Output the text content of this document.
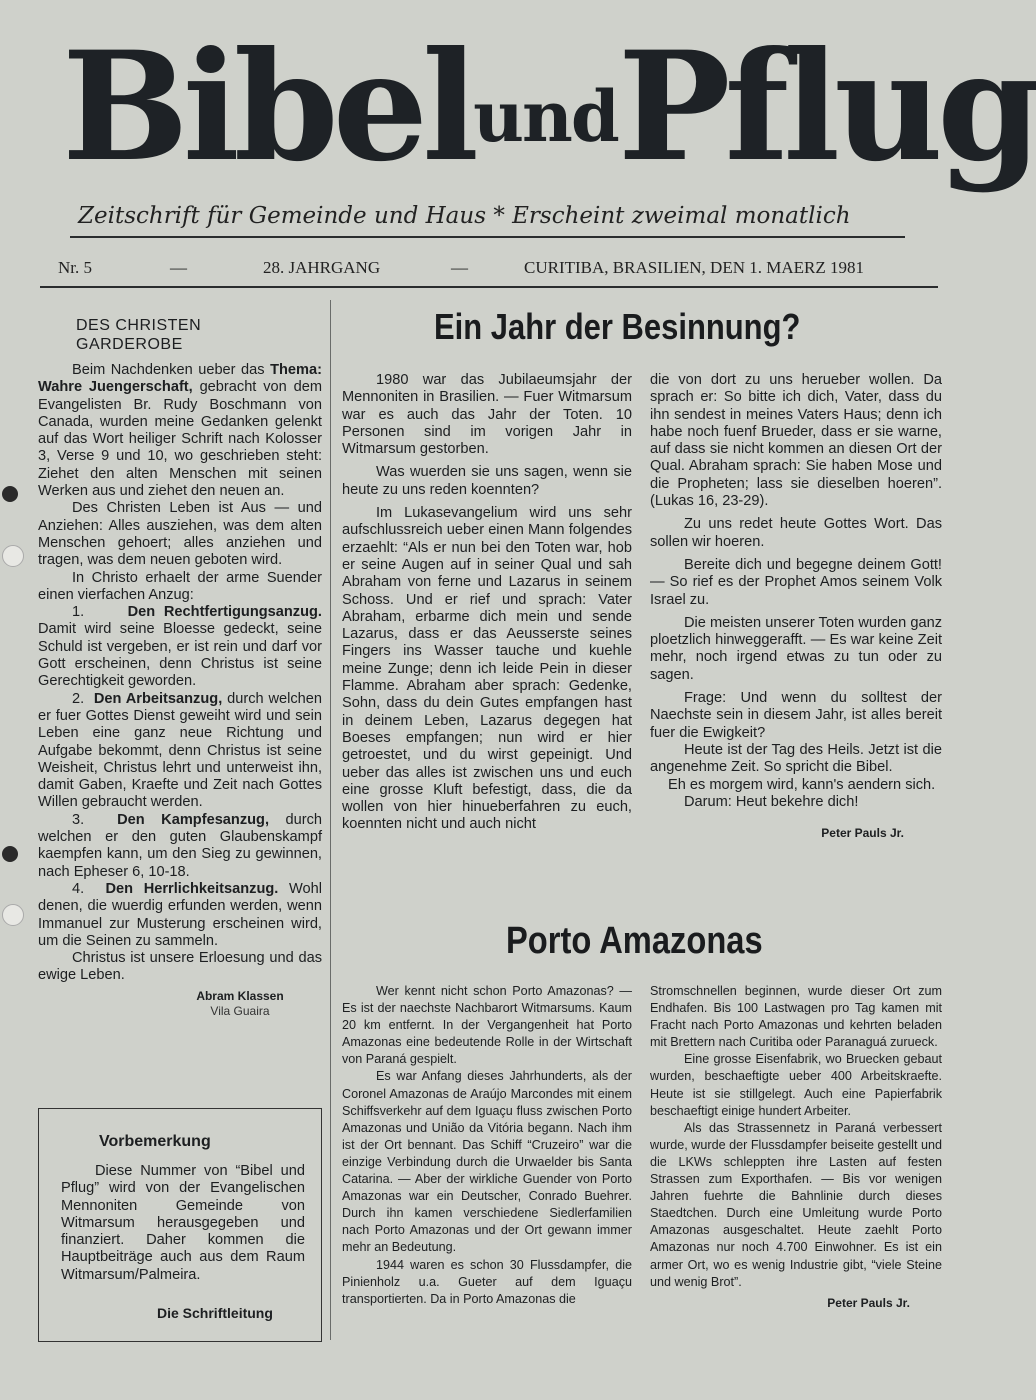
BibelundPflug
Zeitschrift für Gemeinde und Haus * Erscheint zweimal monatlich
Nr. 5	—	28. JAHRGANG	—	CURITIBA, BRASILIEN, DEN 1. MAERZ 1981
DES CHRISTEN
GARDEROBE

Beim Nachdenken ueber das Thema: Wahre Juengerschaft, gebracht von dem Evangelisten Br. Rudy Boschmann von Canada, wurden meine Gedanken gelenkt auf das Wort heiliger Schrift nach Kolosser 3, Verse 9 und 10, wo geschrieben steht: Ziehet den alten Menschen mit seinen Werken aus und ziehet den neuen an.

Des Christen Leben ist Aus — und Anziehen: Alles ausziehen, was dem alten Menschen gehoert; alles anziehen und tragen, was dem neuen geboten wird.

In Christo erhaelt der arme Suender einen vierfachen Anzug:

1.	Den Rechtfertigungsanzug. Damit wird seine Bloesse gedeckt, seine Schuld ist vergeben, er ist rein und darf vor Gott erscheinen, denn Christus ist seine Gerechtigkeit geworden.

2. Den Arbeitsanzug, durch welchen er fuer Gottes Dienst geweiht wird und sein Leben eine ganz neue Richtung und Aufgabe bekommt, denn Christus ist seine Weisheit, Christus lehrt und unterweist ihn, damit Gaben, Kraefte und Zeit nach Gottes Willen gebraucht werden.

3. Den Kampfesanzug, durch welchen er den guten Glaubenskampf kaempfen kann, um den Sieg zu gewinnen, nach Epheser 6, 10-18.

4. Den Herrlichkeitsanzug. Wohl denen, die wuerdig erfunden werden, wenn Immanuel zur Musterung erscheinen wird, um die Seinen zu sammeln.

Christus ist unsere Erloesung und das ewige Leben.

Abram Klassen
Vila Guaira
Vorbemerkung
Diese Nummer von “Bibel und Pflug” wird von der Evangelischen Mennoniten Gemeinde von Witmarsum herausgegeben und finanziert. Daher kommen die Hauptbeiträge auch aus dem Raum Witmarsum/Palmeira.
Die Schriftleitung
Ein Jahr der Besinnung?

1980 war das Jubilaeumsjahr der Mennoniten in Brasilien. — Fuer Witmarsum war es auch das Jahr der Toten. 10 Personen sind im vorigen Jahr in Witmarsum gestorben.

Was wuerden sie uns sagen, wenn sie heute zu uns reden koennten?

Im Lukasevangelium wird uns sehr aufschlussreich ueber einen Mann folgendes erzaehlt: “Als er nun bei den Toten war, hob er seine Augen auf in seiner Qual und sah Abraham von ferne und Lazarus in seinem Schoss. Und er rief und sprach: Vater Abraham, erbarme dich mein und sende Lazarus, dass er das Aeusserste seines Fingers ins Wasser tauche und kuehle meine Zunge; denn ich leide Pein in dieser Flamme. Abraham aber sprach: Gedenke, Sohn, dass du dein Gutes empfangen hast in deinem Leben, Lazarus degegen hat Boeses empfangen; nun wird er hier getroestet, und du wirst gepeinigt. Und ueber das alles ist zwischen uns und euch eine grosse Kluft befestigt, dass, die da wollen von hier hinueberfahren zu euch, koennten nicht und auch nicht

die von dort zu uns herueber wollen. Da sprach er: So bitte ich dich, Vater, dass du ihn sendest in meines Vaters Haus; denn ich habe noch fuenf Brueder, dass er sie warne, auf dass sie nicht kommen an diesen Ort der Qual. Abraham sprach: Sie haben Mose und die Propheten; lass sie dieselben hoeren”. (Lukas 16, 23-29).

Zu uns redet heute Gottes Wort. Das sollen wir hoeren.

Bereite dich und begegne deinem Gott! — So rief es der Prophet Amos seinem Volk Israel zu.

Die meisten unserer Toten wurden ganz ploetzlich hinweggerafft. — Es war keine Zeit mehr, noch irgend etwas zu tun oder zu sagen.

Frage: Und wenn du solltest der Naechste sein in diesem Jahr, ist alles bereit fuer die Ewigkeit?

Heute ist der Tag des Heils. Jetzt ist die angenehme Zeit. So spricht die Bibel.

Eh es morgem wird, kann's aendern sich.

Darum: Heut bekehre dich!

Peter Pauls Jr.
Porto Amazonas

Wer kennt nicht schon Porto Amazonas? — Es ist der naechste Nachbarort Witmarsums. Kaum 20 km entfernt. In der Vergangenheit hat Porto Amazonas eine bedeutende Rolle in der Wirtschaft von Paraná gespielt.

Es war Anfang dieses Jahrhunderts, als der Coronel Amazonas de Araújo Marcondes mit einem Schiffsverkehr auf dem Iguaçu fluss zwischen Porto Amazonas und União da Vitória begann. Nach ihm ist der Ort bennant. Das Schiff “Cruzeiro” war die einzige Verbindung durch die Urwaelder bis Santa Catarina. — Aber der wirkliche Guender von Porto Amazonas war ein Deutscher, Conrado Buehrer. Durch ihn kamen verschiedene Siedlerfamilien nach Porto Amazonas und der Ort gewann immer mehr an Bedeutung.

1944 waren es schon 30 Flussdampfer, die Pinienholz u.a. Gueter auf dem Iguaçu transportierten. Da in Porto Amazonas die

Stromschnellen beginnen, wurde dieser Ort zum Endhafen. Bis 100 Lastwagen pro Tag kamen mit Fracht nach Porto Amazonas und kehrten beladen mit Brettern nach Curitiba oder Paranaguá zurueck.

Eine grosse Eisenfabrik, wo Bruecken gebaut wurden, beschaeftigte ueber 400 Arbeitskraefte. Heute ist sie stillgelegt. Auch eine Papierfabrik beschaeftigt einige hundert Arbeiter.

Als das Strassennetz in Paraná verbessert wurde, wurde der Flussdampfer beiseite gestellt und die LKWs schleppten ihre Lasten auf festen Strassen zum Exporthafen. — Bis vor wenigen Jahren fuehrte die Bahnlinie durch dieses Staedtchen. Durch eine Umleitung wurde Porto Amazonas ausgeschaltet. Heute zaehlt Porto Amazonas nur noch 4.700 Einwohner. Es ist ein armer Ort, wo es wenig Industrie gibt, “viele Steine und wenig Brot”.

Peter Pauls Jr.
